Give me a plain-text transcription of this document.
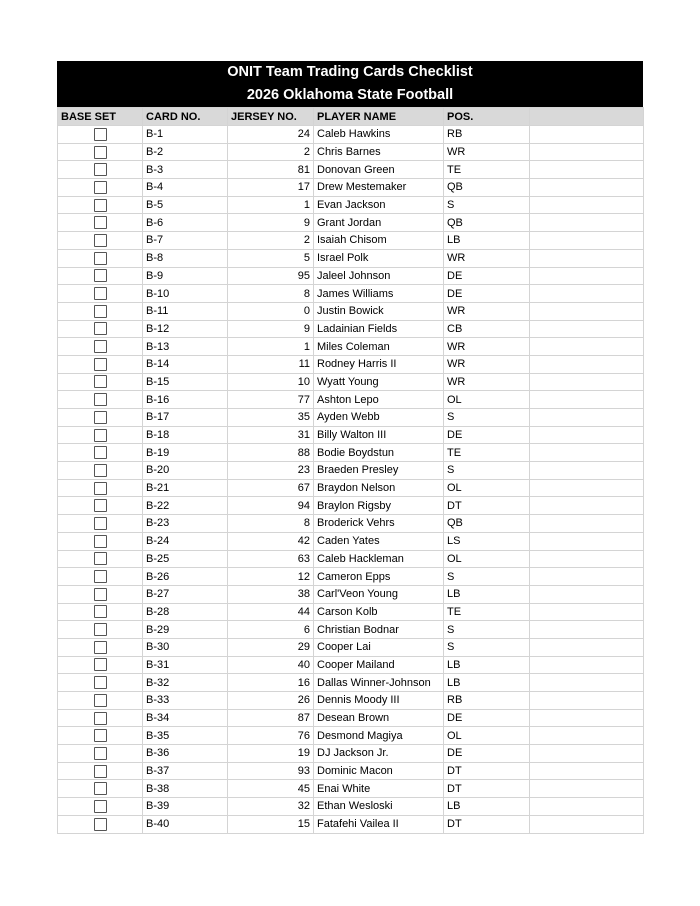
ONIT Team Trading Cards Checklist
2026 Oklahoma State Football
BASE SET	CARD NO.	JERSEY NO.	PLAYER NAME	POS.	
	B-1	24	Caleb Hawkins	RB	
	B-2	2	Chris Barnes	WR	
	B-3	81	Donovan Green	TE	
	B-4	17	Drew Mestemaker	QB	
	B-5	1	Evan Jackson	S	
	B-6	9	Grant Jordan	QB	
	B-7	2	Isaiah Chisom	LB	
	B-8	5	Israel Polk	WR	
	B-9	95	Jaleel Johnson	DE	
	B-10	8	James Williams	DE	
	B-11	0	Justin Bowick	WR	
	B-12	9	Ladainian Fields	CB	
	B-13	1	Miles Coleman	WR	
	B-14	11	Rodney Harris II	WR	
	B-15	10	Wyatt Young	WR	
	B-16	77	Ashton Lepo	OL	
	B-17	35	Ayden Webb	S	
	B-18	31	Billy Walton III	DE	
	B-19	88	Bodie Boydstun	TE	
	B-20	23	Braeden Presley	S	
	B-21	67	Braydon Nelson	OL	
	B-22	94	Braylon Rigsby	DT	
	B-23	8	Broderick Vehrs	QB	
	B-24	42	Caden Yates	LS	
	B-25	63	Caleb Hackleman	OL	
	B-26	12	Cameron Epps	S	
	B-27	38	Carl'Veon Young	LB	
	B-28	44	Carson Kolb	TE	
	B-29	6	Christian Bodnar	S	
	B-30	29	Cooper Lai	S	
	B-31	40	Cooper Mailand	LB	
	B-32	16	Dallas Winner-Johnson	LB	
	B-33	26	Dennis Moody III	RB	
	B-34	87	Desean Brown	DE	
	B-35	76	Desmond Magiya	OL	
	B-36	19	DJ Jackson Jr.	DE	
	B-37	93	Dominic Macon	DT	
	B-38	45	Enai White	DT	
	B-39	32	Ethan Wesloski	LB	
	B-40	15	Fatafehi Vailea II	DT	
